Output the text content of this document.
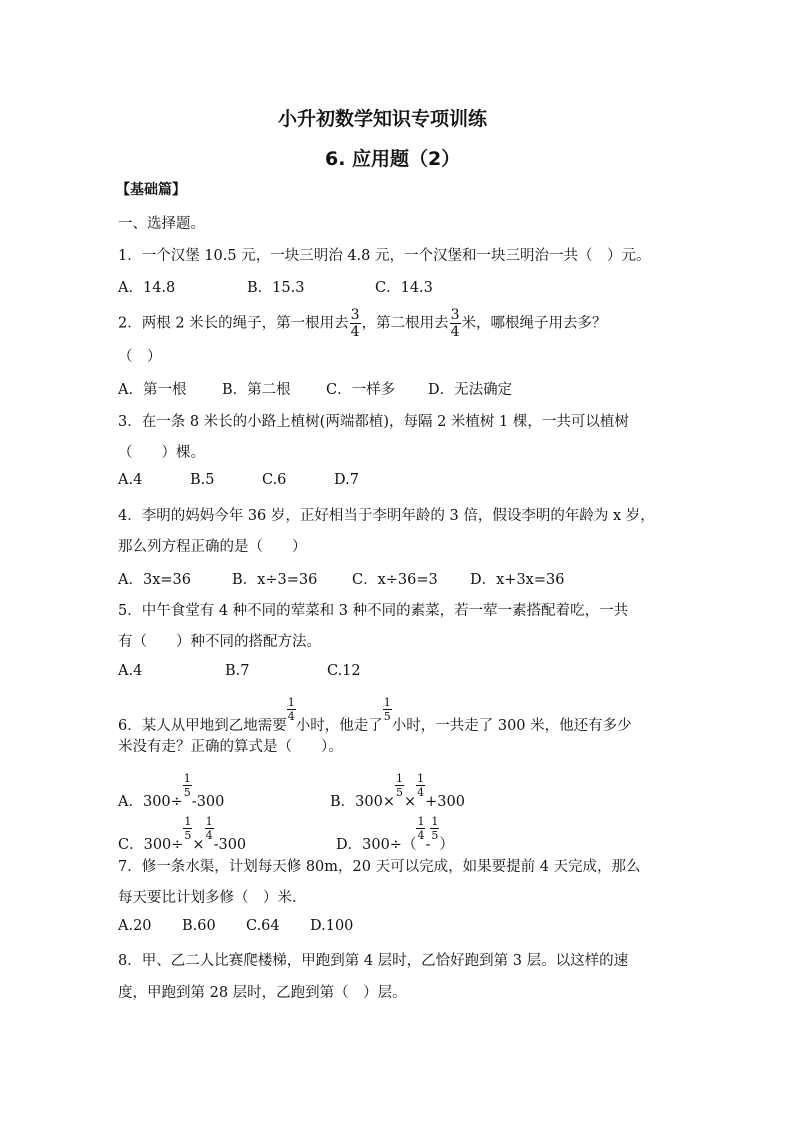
小升初数学知识专项训练
6. 应用题（2）
【基础篇】
一、选择题。
1．一个汉堡 10.5 元，一块三明治 4.8 元，一个汉堡和一块三明治一共（　）元。
A．14.8	B．15.3	C．14.3
2．两根 2 米长的绳子，第一根用去 $\frac{3}{4}$ ，第二根用去 $\frac{3}{4}$ 米，哪根绳子用去多？
（　）
A．第一根 B．第二根 C．一样多 D．无法确定
3．在一条 8 米长的小路上植树(两端都植)，每隔 2 米植树 1 棵，一共可以植树
（　　）棵。
A.4	B.5	C.6	D.7
4．李明的妈妈今年 36 岁，正好相当于李明年龄的 3 倍，假设李明的年龄为 x 岁，
那么列方程正确的是（　　）
A．3x=36	B．x÷3=36 C．x÷36=3 D．x+3x=36
5．中午食堂有 4 种不同的荤菜和 3 种不同的素菜，若一荤一素搭配着吃，一共
有（　　）种不同的搭配方法。
A.4	B.7	C.12
6．某人从甲地到乙地需要
$\frac{1}{4}$
小时，他走了
$\frac{1}{5}$
小时，一共走了 300 米，他还有多少
米没有走？正确的算式是（　　）。
A．300÷
$\frac{1}{5}$
-300	B．300×
$\frac{1}{5}$
×
$\frac{1}{4}$
+300
C．300÷
$\frac{1}{5}$
×
$\frac{1}{4}$
-300	D．300÷（
$\frac{1}{4}$
-
$\frac{1}{5}$
）
7．修一条水渠，计划每天修 80m，20 天可以完成，如果要提前 4 天完成，那么
每天要比计划多修（　）米.
A.20 B.60 C.64 D.100
8．甲、乙二人比赛爬楼梯，甲跑到第 4 层时，乙恰好跑到第 3 层。以这样的速
度，甲跑到第 28 层时，乙跑到第（　）层。
